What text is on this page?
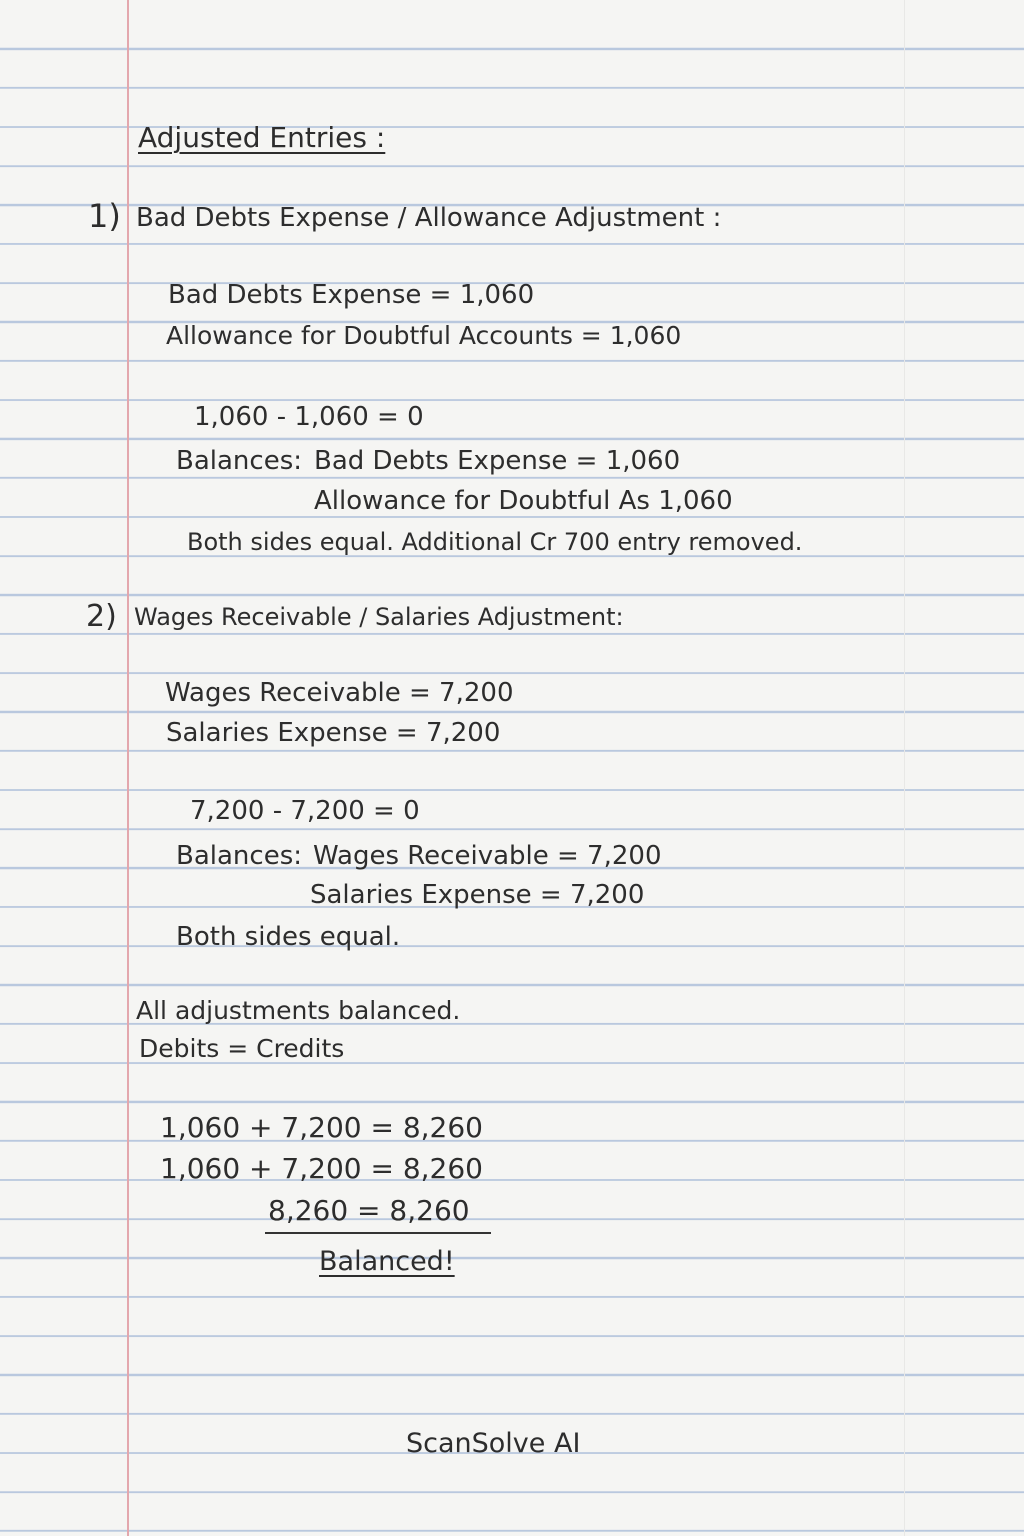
Adjusted Entries :
1) Bad Debts Expense / Allowance Adjustment :
Bad Debts Expense = 1,060
Allowance for Doubtful Accounts = 1,060
1,060 - 1,060 = 0
Balances: Bad Debts Expense = 1,060
Allowance for Doubtful As 1,060
Both sides equal. Additional Cr 700 entry removed.
2) Wages Receivable / Salaries Adjustment:
Wages Receivable = 7,200
Salaries Expense = 7,200
7,200 - 7,200 = 0
Balances: Wages Receivable = 7,200
Salaries Expense = 7,200
Both sides equal.
All adjustments balanced.
Debits = Credits
1,060 + 7,200 = 8,260
1,060 + 7,200 = 8,260
8,260 = 8,260
Balanced!
ScanSolve AI
